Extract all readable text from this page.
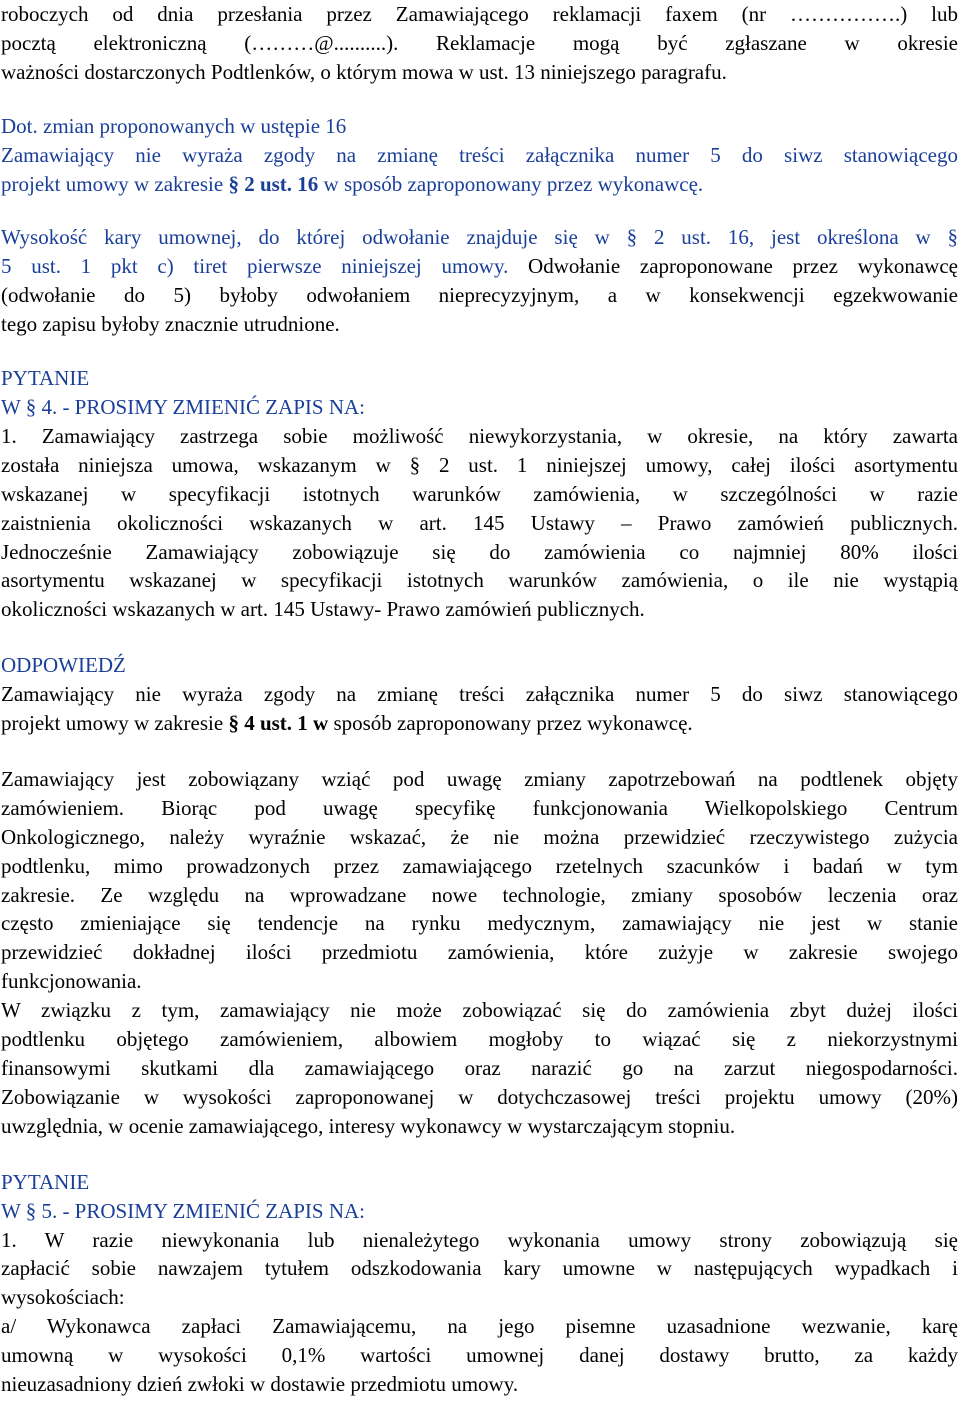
roboczych od dnia przesłania przez Zamawiającego reklamacji faxem (nr …………….) lub
pocztą elektroniczną (………@..........). Reklamacje mogą być zgłaszane w okresie
ważności dostarczonych Podtlenków, o którym mowa w ust. 13 niniejszego paragrafu.
Dot. zmian proponowanych w ustępie 16
Zamawiający nie wyraża zgody na zmianę treści załącznika numer 5 do siwz stanowiącego
projekt umowy w zakresie § 2 ust. 16 w sposób zaproponowany przez wykonawcę.
Wysokość kary umownej, do której odwołanie znajduje się w § 2 ust. 16, jest określona w §
5 ust. 1 pkt c) tiret pierwsze niniejszej umowy. Odwołanie zaproponowane przez wykonawcę
(odwołanie do 5) byłoby odwołaniem nieprecyzyjnym, a w konsekwencji egzekwowanie
tego zapisu byłoby znacznie utrudnione.
PYTANIE
W § 4. - PROSIMY ZMIENIĆ ZAPIS NA:
1. Zamawiający zastrzega sobie możliwość niewykorzystania, w okresie, na który zawarta
została niniejsza umowa, wskazanym w § 2 ust. 1 niniejszej umowy, całej ilości asortymentu
wskazanej w specyfikacji istotnych warunków zamówienia, w szczególności w razie
zaistnienia okoliczności wskazanych w art. 145 Ustawy – Prawo zamówień publicznych.
Jednocześnie Zamawiający zobowiązuje się do zamówienia co najmniej 80% ilości
asortymentu wskazanej w specyfikacji istotnych warunków zamówienia, o ile nie wystąpią
okoliczności wskazanych w art. 145 Ustawy- Prawo zamówień publicznych.
ODPOWIEDŹ
Zamawiający nie wyraża zgody na zmianę treści załącznika numer 5 do siwz stanowiącego
projekt umowy w zakresie § 4 ust. 1 w sposób zaproponowany przez wykonawcę.
Zamawiający jest zobowiązany wziąć pod uwagę zmiany zapotrzebowań na podtlenek objęty
zamówieniem. Biorąc pod uwagę specyfikę funkcjonowania Wielkopolskiego Centrum
Onkologicznego, należy wyraźnie wskazać, że nie można przewidzieć rzeczywistego zużycia
podtlenku, mimo prowadzonych przez zamawiającego rzetelnych szacunków i badań w tym
zakresie. Ze względu na wprowadzane nowe technologie, zmiany sposobów leczenia oraz
często zmieniające się tendencje na rynku medycznym, zamawiający nie jest w stanie
przewidzieć dokładnej ilości przedmiotu zamówienia, które zużyje w zakresie swojego
funkcjonowania.
W związku z tym, zamawiający nie może zobowiązać się do zamówienia zbyt dużej ilości
podtlenku objętego zamówieniem, albowiem mogłoby to wiązać się z niekorzystnymi
finansowymi skutkami dla zamawiającego oraz narazić go na zarzut niegospodarności.
Zobowiązanie w wysokości zaproponowanej w dotychczasowej treści projektu umowy (20%)
uwzględnia, w ocenie zamawiającego, interesy wykonawcy w wystarczającym stopniu.
PYTANIE
W § 5. - PROSIMY ZMIENIĆ ZAPIS NA:
1. W razie niewykonania lub nienależytego wykonania umowy strony zobowiązują się
zapłacić sobie nawzajem tytułem odszkodowania kary umowne w następujących wypadkach i
wysokościach:
a/ Wykonawca zapłaci Zamawiającemu, na jego pisemne uzasadnione wezwanie, karę
umowną w wysokości 0,1% wartości umownej danej dostawy brutto, za każdy
nieuzasadniony dzień zwłoki w dostawie przedmiotu umowy.
